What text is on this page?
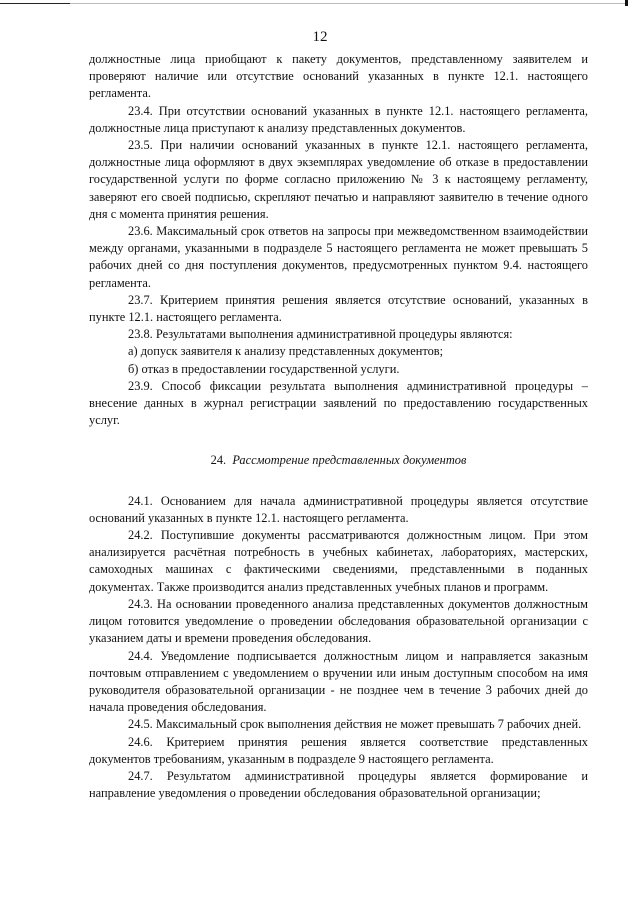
12

должностные лица приобщают к пакету документов, представленному заявителем и проверяют наличие или отсутствие оснований указанных в пункте 12.1. настоящего регламента.

23.4. При отсутствии оснований указанных в пункте 12.1. настоящего регламента, должностные лица приступают к анализу представленных документов.

23.5. При наличии оснований указанных в пункте 12.1. настоящего регламента, должностные лица оформляют в двух экземплярах уведомление об отказе в предоставлении государственной услуги по форме согласно приложению № 3 к настоящему регламенту, заверяют его своей подписью, скрепляют печатью и направляют заявителю в течение одного дня с момента принятия решения.

23.6. Максимальный срок ответов на запросы при межведомственном взаимодействии между органами, указанными в подразделе 5 настоящего регламента не может превышать 5 рабочих дней со дня поступления документов, предусмотренных пунктом 9.4. настоящего регламента.

23.7. Критерием принятия решения является отсутствие оснований, указанных в пункте 12.1. настоящего регламента.

23.8. Результатами выполнения административной процедуры являются:

а) допуск заявителя к анализу представленных документов;

б) отказ в предоставлении государственной услуги.

23.9. Способ фиксации результата выполнения административной процедуры – внесение данных в журнал регистрации заявлений по предоставлению государственных услуг.

24. Рассмотрение представленных документов

24.1. Основанием для начала административной процедуры является отсутствие оснований указанных в пункте 12.1. настоящего регламента.

24.2. Поступившие документы рассматриваются должностным лицом. При этом анализируется расчётная потребность в учебных кабинетах, лабораториях, мастерских, самоходных машинах с фактическими сведениями, представленными в поданных документах. Также производится анализ представленных учебных планов и программ.

24.3. На основании проведенного анализа представленных документов должностным лицом готовится уведомление о проведении обследования образовательной организации с указанием даты и времени проведения обследования.

24.4. Уведомление подписывается должностным лицом и направляется заказным почтовым отправлением с уведомлением о вручении или иным доступным способом на имя руководителя образовательной организации - не позднее чем в течение 3 рабочих дней до начала проведения обследования.

24.5. Максимальный срок выполнения действия не может превышать 7 рабочих дней.

24.6. Критерием принятия решения является соответствие представленных документов требованиям, указанным в подразделе 9 настоящего регламента.

24.7. Результатом административной процедуры является формирование и направление уведомления о проведении обследования образовательной организации;
